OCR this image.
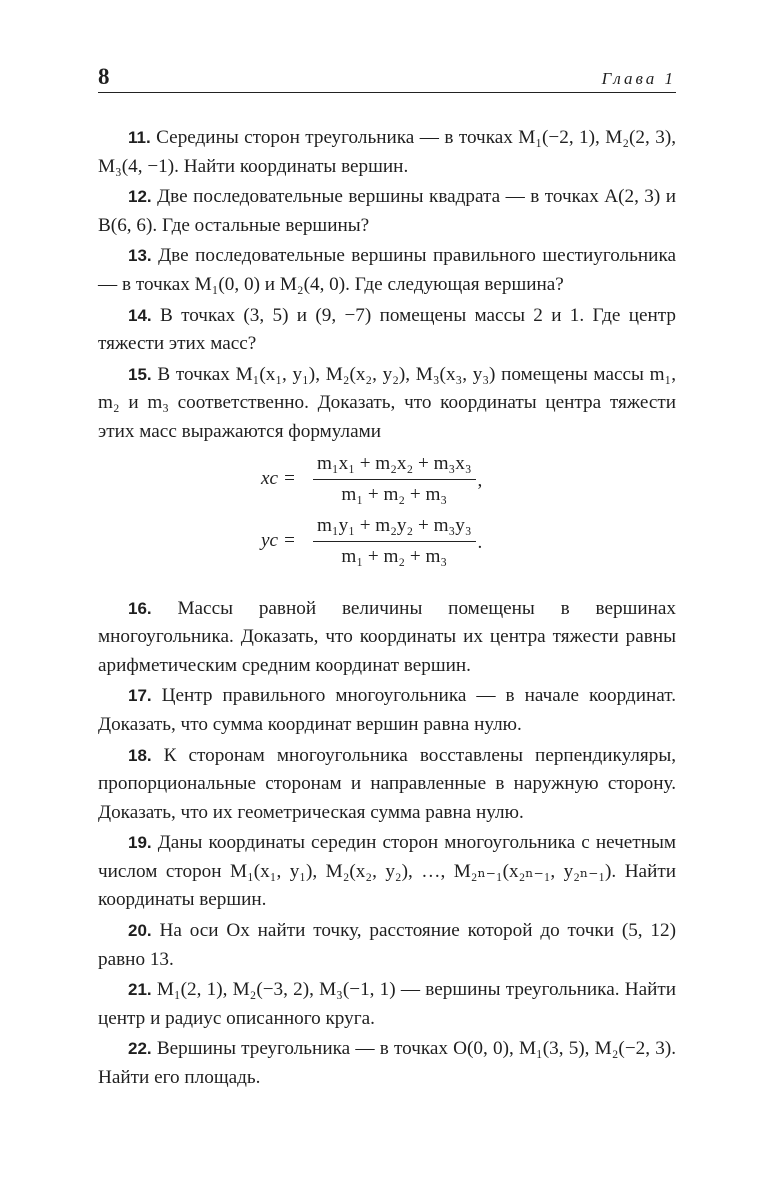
8	Глава 1

11. Середины сторон треугольника — в точках M₁(−2, 1), M₂(2, 3), M₃(4, −1). Найти координаты вершин.

12. Две последовательные вершины квадрата — в точках A(2, 3) и B(6, 6). Где остальные вершины?

13. Две последовательные вершины правильного шестиугольника — в точках M₁(0, 0) и M₂(4, 0). Где следующая вершина?

14. В точках (3, 5) и (9, −7) помещены массы 2 и 1. Где центр тяжести этих масс?

15. В точках M₁(x₁, y₁), M₂(x₂, y₂), M₃(x₃, y₃) помещены массы m₁, m₂ и m₃ соответственно. Доказать, что координаты центра тяжести этих масс выражаются формулами

xc = $\frac{\text{m₁x₁ + m₂x₂ + m₃x₃}}{\text{m₁ + m₂ + m₃}}$ ,
yc = $\frac{\text{m₁y₁ + m₂y₂ + m₃y₃}}{\text{m₁ + m₂ + m₃}}$ .

16. Массы равной величины помещены в вершинах многоугольника. Доказать, что координаты их центра тяжести равны арифметическим средним координат вершин.

17. Центр правильного многоугольника — в начале координат. Доказать, что сумма координат вершин равна нулю.

18. К сторонам многоугольника восставлены перпендикуляры, пропорциональные сторонам и направленные в наружную сторону. Доказать, что их геометрическая сумма равна нулю.

19. Даны координаты середин сторон многоугольника с нечетным числом сторон M₁(x₁, y₁), M₂(x₂, y₂), …, M₂ₙ₋₁(x₂ₙ₋₁, y₂ₙ₋₁). Найти координаты вершин.

20. На оси Ox найти точку, расстояние которой до точки (5, 12) равно 13.

21. M₁(2, 1), M₂(−3, 2), M₃(−1, 1) — вершины треугольника. Найти центр и радиус описанного круга.

22. Вершины треугольника — в точках O(0, 0), M₁(3, 5), M₂(−2, 3). Найти его площадь.
